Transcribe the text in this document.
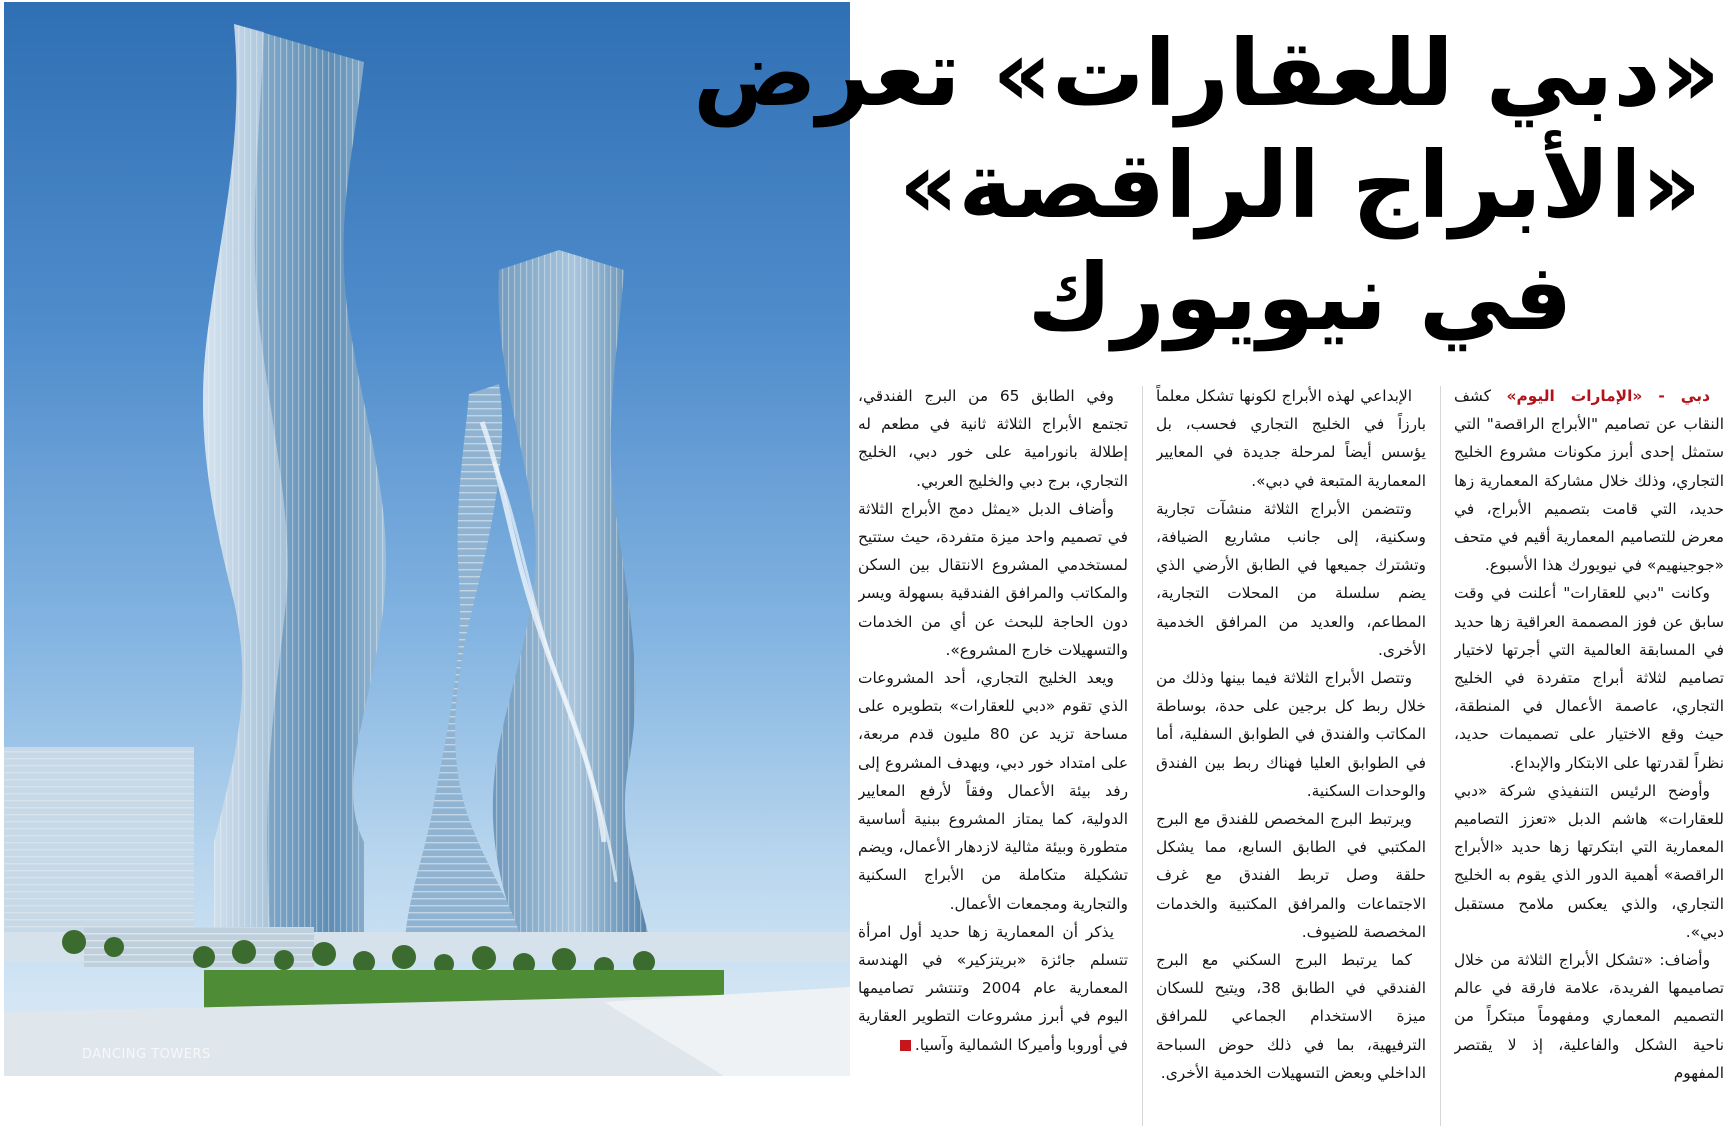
DANCING TOWERS
«دبي للعقارات» تعرض
«الأبراج الراقصة»
في نيويورك

دبي - «الإمارات اليوم» كشف النقاب عن تصاميم "الأبراج الراقصة" التي ستمثل إحدى أبرز مكونات مشروع الخليج التجاري، وذلك خلال مشاركة المعمارية زها حديد، التي قامت بتصميم الأبراج، في معرض للتصاميم المعمارية أقيم في متحف «جوجينهيم» في نيويورك هذا الأسبوع.

وكانت "دبي للعقارات" أعلنت في وقت سابق عن فوز المصممة العراقية زها حديد في المسابقة العالمية التي أجرتها لاختيار تصاميم لثلاثة أبراج متفردة في الخليج التجاري، عاصمة الأعمال في المنطقة، حيث وقع الاختيار على تصميمات حديد، نظراً لقدرتها على الابتكار والإبداع.

وأوضح الرئيس التنفيذي شركة «دبي للعقارات» هاشم الدبل «تعزز التصاميم المعمارية التي ابتكرتها زها حديد «الأبراج الراقصة» أهمية الدور الذي يقوم به الخليج التجاري، والذي يعكس ملامح مستقبل دبي».

وأضاف: «تشكل الأبراج الثلاثة من خلال تصاميمها الفريدة، علامة فارقة في عالم التصميم المعماري ومفهوماً مبتكراً من ناحية الشكل والفاعلية، إذ لا يقتصر المفهوم

الإبداعي لهذه الأبراج لكونها تشكل معلماً بارزاً في الخليج التجاري فحسب، بل يؤسس أيضاً لمرحلة جديدة في المعايير المعمارية المتبعة في دبي».

وتتضمن الأبراج الثلاثة منشآت تجارية وسكنية، إلى جانب مشاريع الضيافة، وتشترك جميعها في الطابق الأرضي الذي يضم سلسلة من المحلات التجارية، المطاعم، والعديد من المرافق الخدمية الأخرى.

وتتصل الأبراج الثلاثة فيما بينها وذلك من خلال ربط كل برجين على حدة، بوساطة المكاتب والفندق في الطوابق السفلية، أما في الطوابق العليا فهناك ربط بين الفندق والوحدات السكنية.

ويرتبط البرج المخصص للفندق مع البرج المكتبي في الطابق السابع، مما يشكل حلقة وصل تربط الفندق مع غرف الاجتماعات والمرافق المكتبية والخدمات المخصصة للضيوف.

كما يرتبط البرج السكني مع البرج الفندقي في الطابق 38، ويتيح للسكان ميزة الاستخدام الجماعي للمرافق الترفيهية، بما في ذلك حوض السباحة الداخلي وبعض التسهيلات الخدمية الأخرى.

وفي الطابق 65 من البرج الفندقي، تجتمع الأبراج الثلاثة ثانية في مطعم له إطلالة بانورامية على خور دبي، الخليج التجاري، برج دبي والخليج العربي.

وأضاف الدبل «يمثل دمج الأبراج الثلاثة في تصميم واحد ميزة متفردة، حيث ستتيح لمستخدمي المشروع الانتقال بين السكن والمكاتب والمرافق الفندقية بسهولة ويسر دون الحاجة للبحث عن أي من الخدمات والتسهيلات خارج المشروع».

ويعد الخليج التجاري، أحد المشروعات الذي تقوم «دبي للعقارات» بتطويره على مساحة تزيد عن 80 مليون قدم مربعة، على امتداد خور دبي، ويهدف المشروع إلى رفد بيئة الأعمال وفقاً لأرفع المعايير الدولية، كما يمتاز المشروع ببنية أساسية متطورة وبيئة مثالية لازدهار الأعمال، ويضم تشكيلة متكاملة من الأبراج السكنية والتجارية ومجمعات الأعمال.

يذكر أن المعمارية زها حديد أول امرأة تتسلم جائزة «بريتزكير» في الهندسة المعمارية عام 2004 وتنتشر تصاميمها اليوم في أبرز مشروعات التطوير العقارية في أوروبا وأميركا الشمالية وآسيا.
